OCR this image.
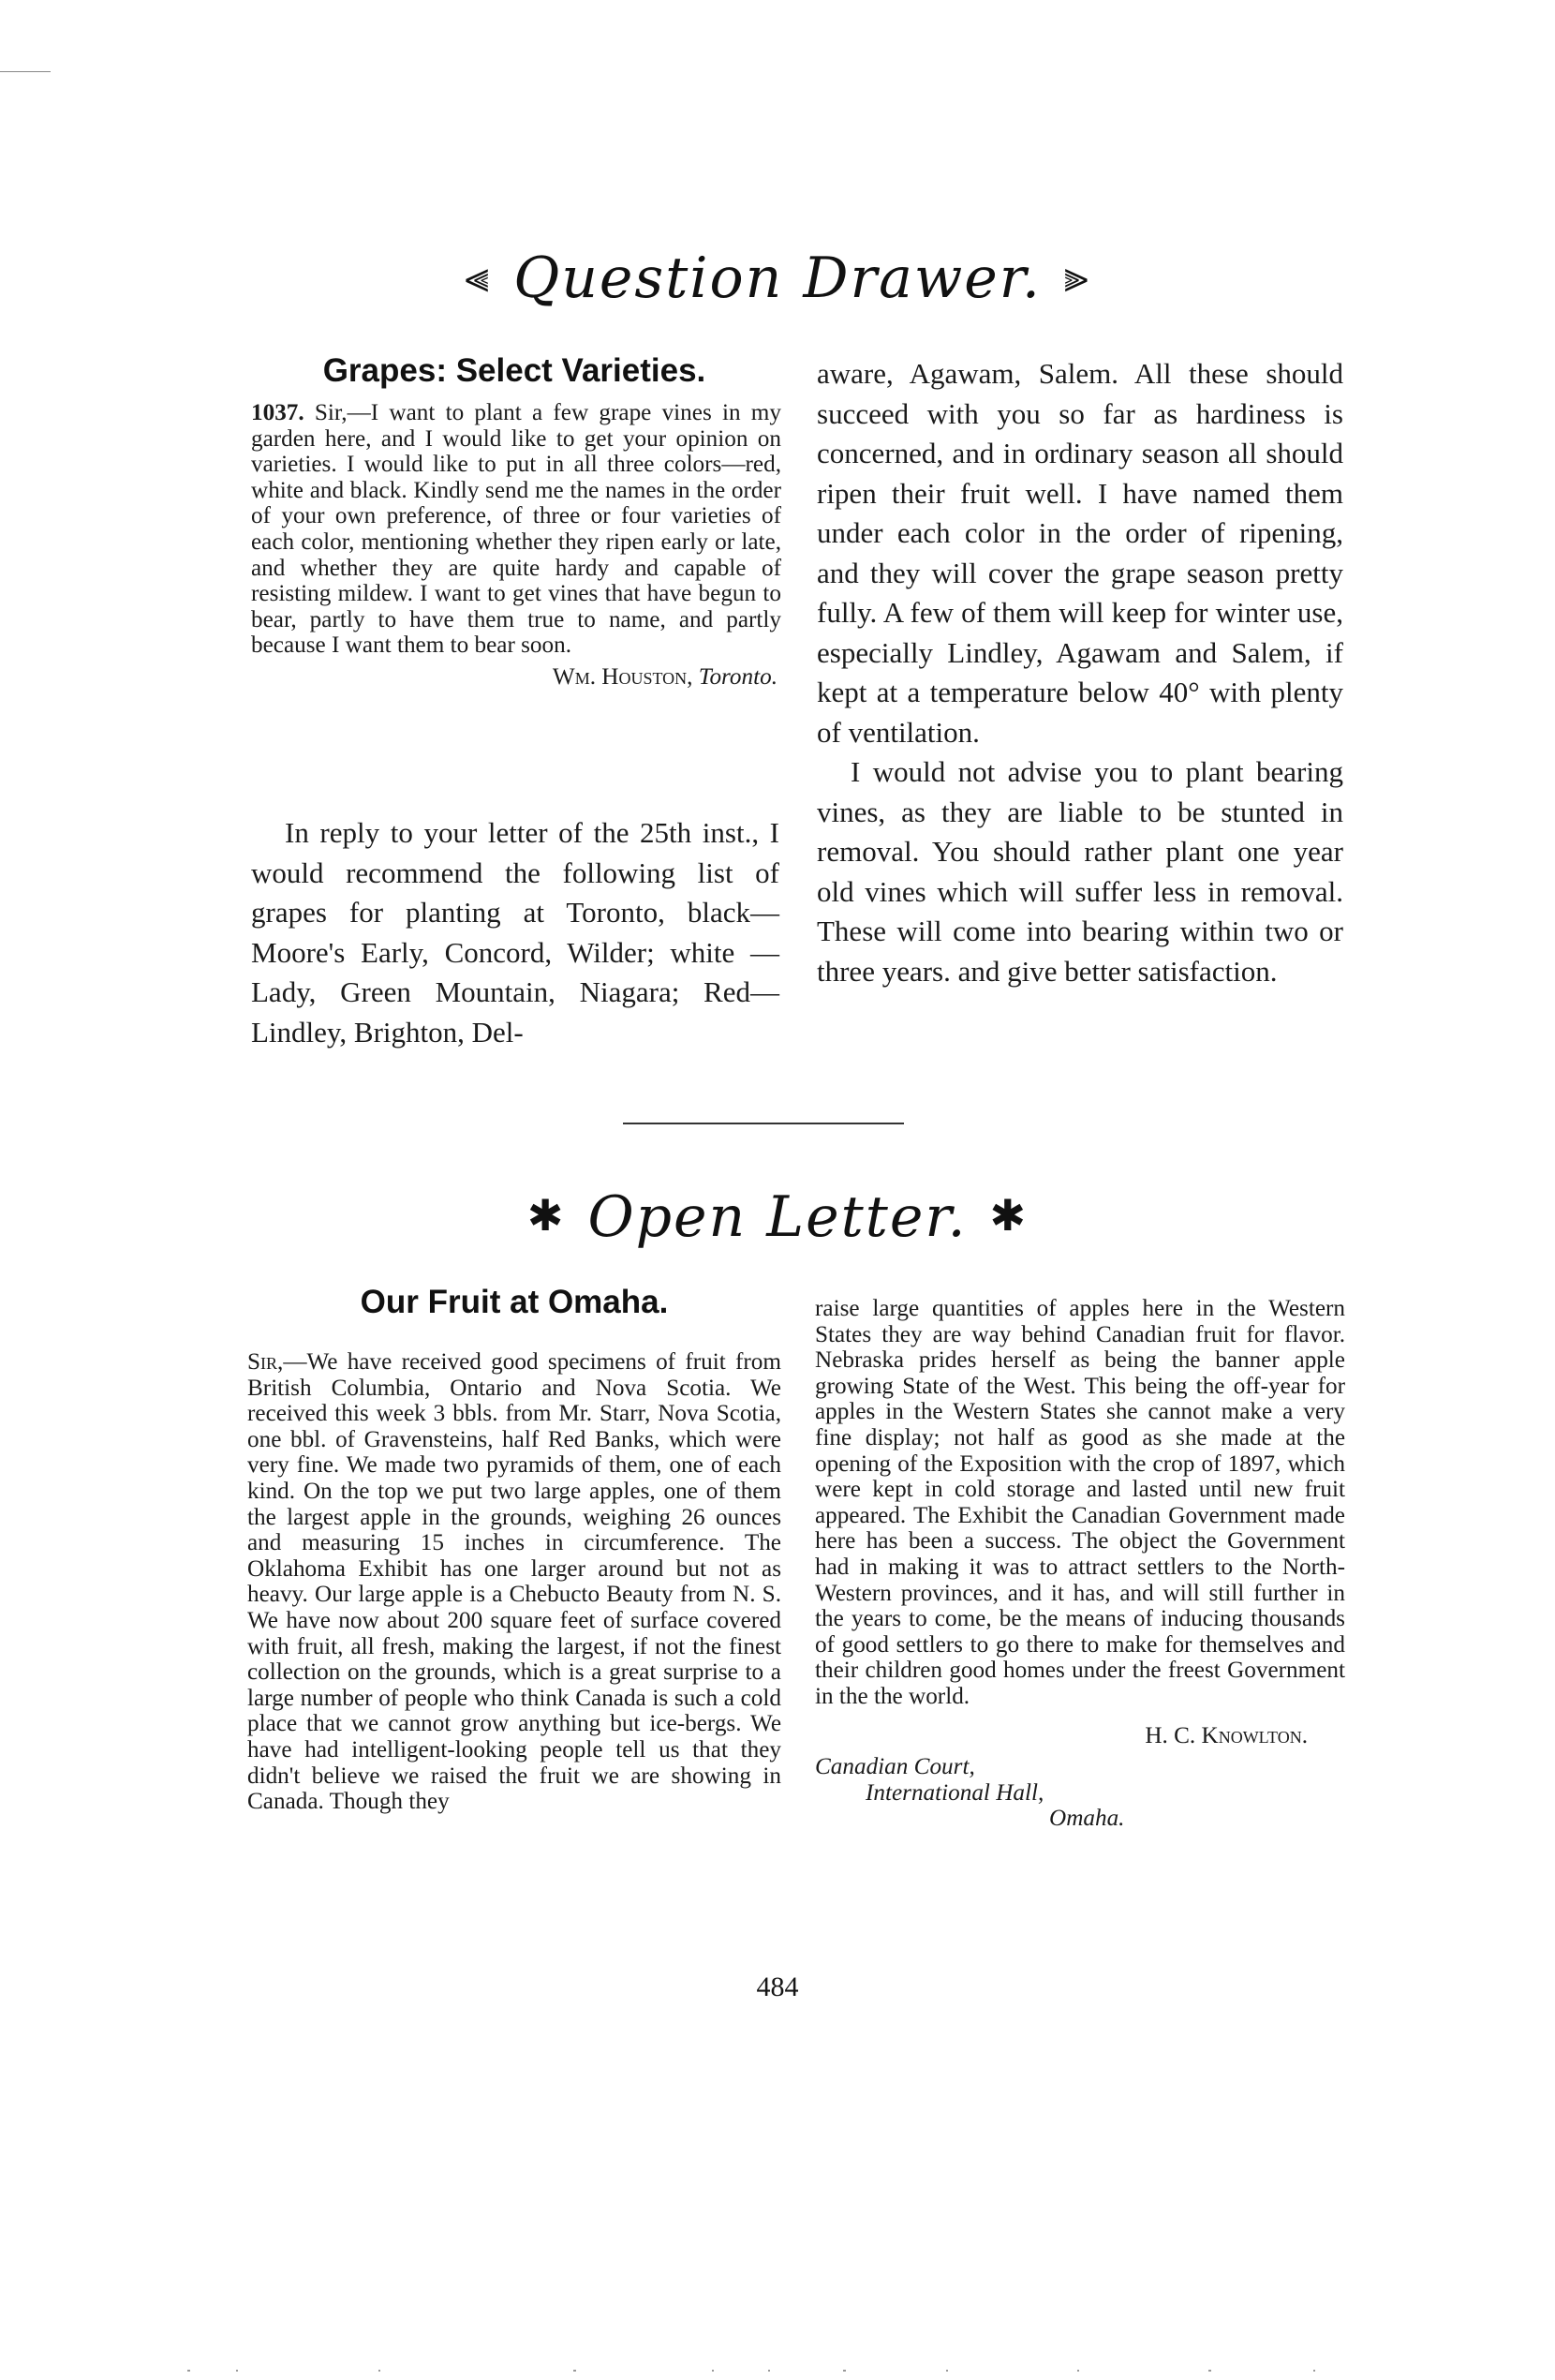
⫷ Question Drawer. ⫸
Grapes: Select Varieties.

1037. Sir,—I want to plant a few grape vines in my garden here, and I would like to get your opinion on varieties. I would like to put in all three colors—red, white and black. Kindly send me the names in the order of your own preference, of three or four varieties of each color, mentioning whether they ripen early or late, and whether they are quite hardy and capable of resisting mildew. I want to get vines that have begun to bear, partly to have them true to name, and partly because I want them to bear soon.

Wm. Houston, Toronto.

In reply to your letter of the 25th inst., I would recommend the following list of grapes for planting at Toronto, black—Moore's Early, Concord, Wilder; white — Lady, Green Mountain, Niagara; Red—Lindley, Brighton, Del-

aware, Agawam, Salem. All these should succeed with you so far as hardiness is concerned, and in ordinary season all should ripen their fruit well. I have named them under each color in the order of ripening, and they will cover the grape season pretty fully. A few of them will keep for winter use, especially Lindley, Agawam and Salem, if kept at a temperature below 40° with plenty of ventilation.

I would not advise you to plant bearing vines, as they are liable to be stunted in removal. You should rather plant one year old vines which will suffer less in removal. These will come into bearing within two or three years. and give better satisfaction.

✱ Open Letter. ✱
Our Fruit at Omaha.

Sir,—We have received good specimens of fruit from British Columbia, Ontario and Nova Scotia. We received this week 3 bbls. from Mr. Starr, Nova Scotia, one bbl. of Gravensteins, half Red Banks, which were very fine. We made two pyramids of them, one of each kind. On the top we put two large apples, one of them the largest apple in the grounds, weighing 26 ounces and measuring 15 inches in circumference. The Oklahoma Exhibit has one larger around but not as heavy. Our large apple is a Chebucto Beauty from N. S. We have now about 200 square feet of surface covered with fruit, all fresh, making the largest, if not the finest collection on the grounds, which is a great surprise to a large number of people who think Canada is such a cold place that we cannot grow anything but ice-bergs. We have had intelligent-looking people tell us that they didn't believe we raised the fruit we are showing in Canada. Though they

raise large quantities of apples here in the Western States they are way behind Canadian fruit for flavor. Nebraska prides herself as being the banner apple growing State of the West. This being the off-year for apples in the Western States she cannot make a very fine display; not half as good as she made at the opening of the Exposition with the crop of 1897, which were kept in cold storage and lasted until new fruit appeared. The Exhibit the Canadian Government made here has been a success. The object the Government had in making it was to attract settlers to the North-Western provinces, and it has, and will still further in the years to come, be the means of inducing thousands of good settlers to go there to make for themselves and their children good homes under the freest Government in the the world.

H. C. Knowlton.

Canadian Court,
International Hall,
Omaha.

484
